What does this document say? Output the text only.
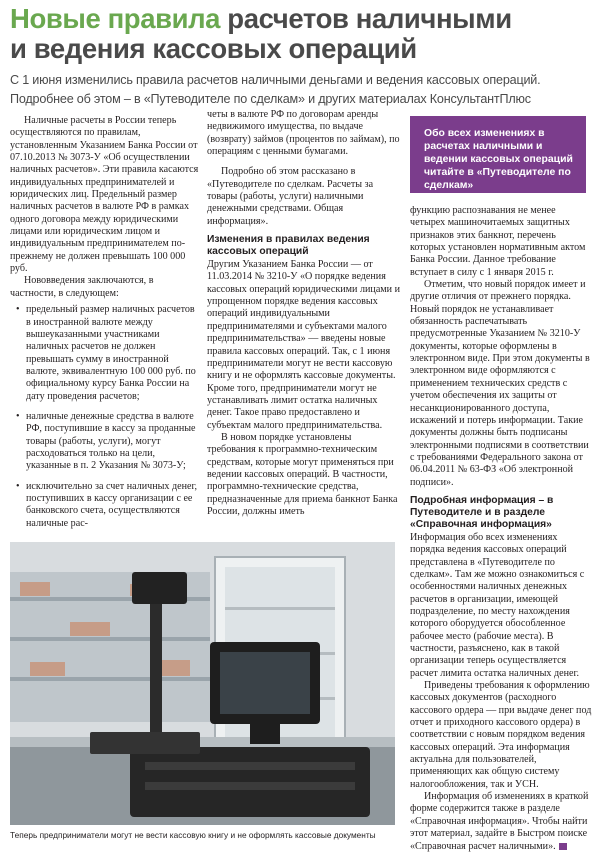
Новые правила расчетов наличными
и ведения кассовых операций
С 1 июня изменились правила расчетов наличными деньгами и ведения кассовых операций.
Подробнее об этом – в «Путеводителе по сделкам» и других материалах КонсультантПлюс

Наличные расчеты в России теперь осуществляются по правилам, установленным Указанием Банка России от 07.10.2013 № 3073-У «Об осуществлении наличных расчетов». Эти правила касаются индивидуальных предпринимателей и юридических лиц. Предельный размер наличных расчетов в валюте РФ в рамках одного договора между юридическими лицами или юридическим лицом и индивидуальным предпринимателем по-прежнему не должен превышать 100 000 руб.

Нововведения заключаются, в частности, в следующем:

• предельный размер наличных расчетов в иностранной валюте между вышеуказанными участниками наличных расчетов не должен превышать сумму в иностранной валюте, эквивалентную 100 000 руб. по официальному курсу Банка России на дату проведения расчетов;
• наличные денежные средства в валюте РФ, поступившие в кассу за проданные товары (работы, услуги), могут расходоваться только на цели, указанные в п. 2 Указания № 3073-У;
• исключительно за счет наличных денег, поступивших в кассу организации с ее банковского счета, осуществляются наличные рас-

четы в валюте РФ по договорам аренды недвижимого имущества, по выдаче (возврату) займов (процентов по займам), по операциям с ценными бумагами.

Подробно об этом рассказано в «Путеводителе по сделкам. Расчеты за товары (работы, услуги) наличными денежными средствами. Общая информация».

Изменения в правилах ведения кассовых операций

Другим Указанием Банка России — от 11.03.2014 № 3210-У «О порядке ведения кассовых операций юридическими лицами и упрощенном порядке ведения кассовых операций индивидуальными предпринимателями и субъектами малого предпринимательства» — введены новые правила кассовых операций. Так, с 1 июня предприниматели могут не вести кассовую книгу и не оформлять кассовые документы. Кроме того, предприниматели могут не устанавливать лимит остатка наличных денег. Такое право предоставлено и субъектам малого предпринимательства.

В новом порядке установлены требования к программно-техническим средствам, которые могут применяться при ведении кассовых операций. В частности, программно-технические средства, предназначенные для приема банкнот Банка России, должны иметь

Обо всех изменениях в расчетах наличными и ведении кассовых операций читайте в «Путеводителе по сделкам»

функцию распознавания не менее четырех машиночитаемых защитных признаков этих банкнот, перечень которых установлен нормативным актом Банка России. Данное требование вступает в силу с 1 января 2015 г.

Отметим, что новый порядок имеет и другие отличия от прежнего порядка. Новый порядок не устанавливает обязанность распечатывать предусмотренные Указанием № 3210-У документы, которые оформлены в электронном виде. При этом документы в электронном виде оформляются с применением технических средств с учетом обеспечения их защиты от несанкционированного доступа, искажений и потерь информации. Такие документы должны быть подписаны электронными подписями в соответствии с требованиями Федерального закона от 06.04.2011 № 63-ФЗ «Об электронной подписи».

Подробная информация – в Путеводителе и в разделе «Справочная информация»

Информация обо всех изменениях порядка ведения кассовых операций представлена в «Путеводителе по сделкам». Там же можно ознакомиться с особенностями наличных денежных расчетов в организации, имеющей подразделение, по месту нахождения которого оборудуется обособленное рабочее место (рабочие места). В частности, разъяснено, как в такой организации теперь осуществляется расчет лимита остатка наличных денег.

Приведены требования к оформлению кассовых документов (расходного кассового ордера — при выдаче денег под отчет и приходного кассового ордера) в соответствии с новым порядком ведения кассовых операций. Эта информация актуальна для пользователей, применяющих как общую систему налогообложения, так и УСН.

Информация об изменениях в краткой форме содержится также в разделе «Справочная информация». Чтобы найти этот материал, задайте в Быстром поиске «Справочная расчет наличными».

Теперь предприниматели могут не вести кассовую книгу и не оформлять кассовые документы
